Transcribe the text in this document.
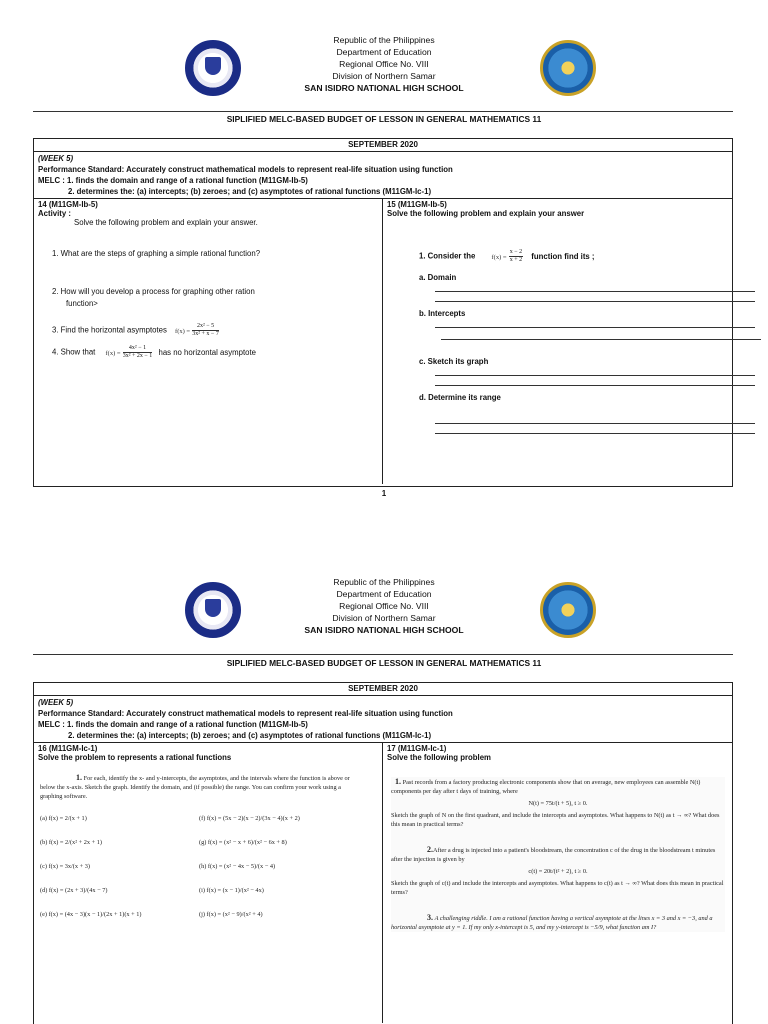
Republic of the Philippines
Department of Education
Regional Office No. VIII
Division of Northern Samar
SAN ISIDRO NATIONAL HIGH SCHOOL
SIPLIFIED MELC-BASED BUDGET OF LESSON IN GENERAL MATHEMATICS 11
SEPTEMBER 2020
(WEEK 5)
Performance Standard: Accurately construct mathematical models to represent real-life situation using function
MELC : 1. finds the domain and range of a rational function (M11GM-Ib-5)
2. determines the: (a) intercepts; (b) zeroes; and (c) asymptotes of rational functions (M11GM-Ic-1)
14 (M11GM-Ib-5)
Activity :
Solve the following problem and explain your answer.
1. What are the steps of graphing a simple rational function?
2. How will you develop a process for graphing other ration
function>
3. Find the horizontal asymptotes $f(x) = \frac{\text{2x² − 5}}{\text{3x² + x − 7}}$
4. Show that $f(x) = \frac{\text{4x² − 1}}{\text{3x² + 2x − 1}}$ has no horizontal asymptote
15 (M11GM-Ib-5)
Solve the following problem and explain your answer
1. Consider the $f(x) = \frac{x - 2}{x + 2}$ function find its ;
a. Domain
b. Intercepts
c. Sketch its graph
d. Determine its range
1
Republic of the Philippines
Department of Education
Regional Office No. VIII
Division of Northern Samar
SAN ISIDRO NATIONAL HIGH SCHOOL
SIPLIFIED MELC-BASED BUDGET OF LESSON IN GENERAL MATHEMATICS 11
SEPTEMBER 2020
(WEEK 5)
Performance Standard: Accurately construct mathematical models to represent real-life situation using function
MELC : 1. finds the domain and range of a rational function (M11GM-Ib-5)
2. determines the: (a) intercepts; (b) zeroes; and (c) asymptotes of rational functions (M11GM-Ic-1)
16 (M11GM-Ic-1)
Solve the problem to represents a rational functions
1. For each, identify the x- and y-intercepts, the asymptotes, and the intervals where the function is above or below the x-axis. Sketch the graph. Identify the domain, and (if possible) the range. You can confirm your work using a graphing software.
(a) f(x) = 2/(x + 1)
(b) f(x) = 2/(x² + 2x + 1)
(c) f(x) = 3x/(x + 3)
(d) f(x) = (2x + 3)/(4x − 7)
(e) f(x) = (4x − 3)(x − 1)/(2x + 1)(x + 1)
(f) f(x) = (5x − 2)(x − 2)/(3x − 4)(x + 2)
(g) f(x) = (x² − x + 6)/(x² − 6x + 8)
(h) f(x) = (x² − 4x − 5)/(x − 4)
(i) f(x) = (x − 1)/(x² − 4x)
(j) f(x) = (x² − 9)/(x² + 4)
17 (M11GM-Ic-1)
Solve the following problem
1. Past records from a factory producing electronic components show that on average, new employees can assemble N(t) components per day after t days of training, where
N(t) = 75t/(t + 5), t ≥ 0.
Sketch the graph of N on the first quadrant, and include the intercepts and asymptotes. What happens to N(t) as t → ∞? What does this mean in practical terms?
2.After a drug is injected into a patient's bloodstream, the concentration c of the drug in the bloodstream t minutes after the injection is given by
c(t) = 20t/(t² + 2), t ≥ 0.
Sketch the graph of c(t) and include the intercepts and asymptotes. What happens to c(t) as t → ∞? What does this mean in practical terms?
3. A challenging riddle. I am a rational function having a vertical asymptote at the lines x = 3 and x = −3, and a horizontal asymptote at y = 1. If my only x-intercept is 5, and my y-intercept is −5/9, what function am I?
